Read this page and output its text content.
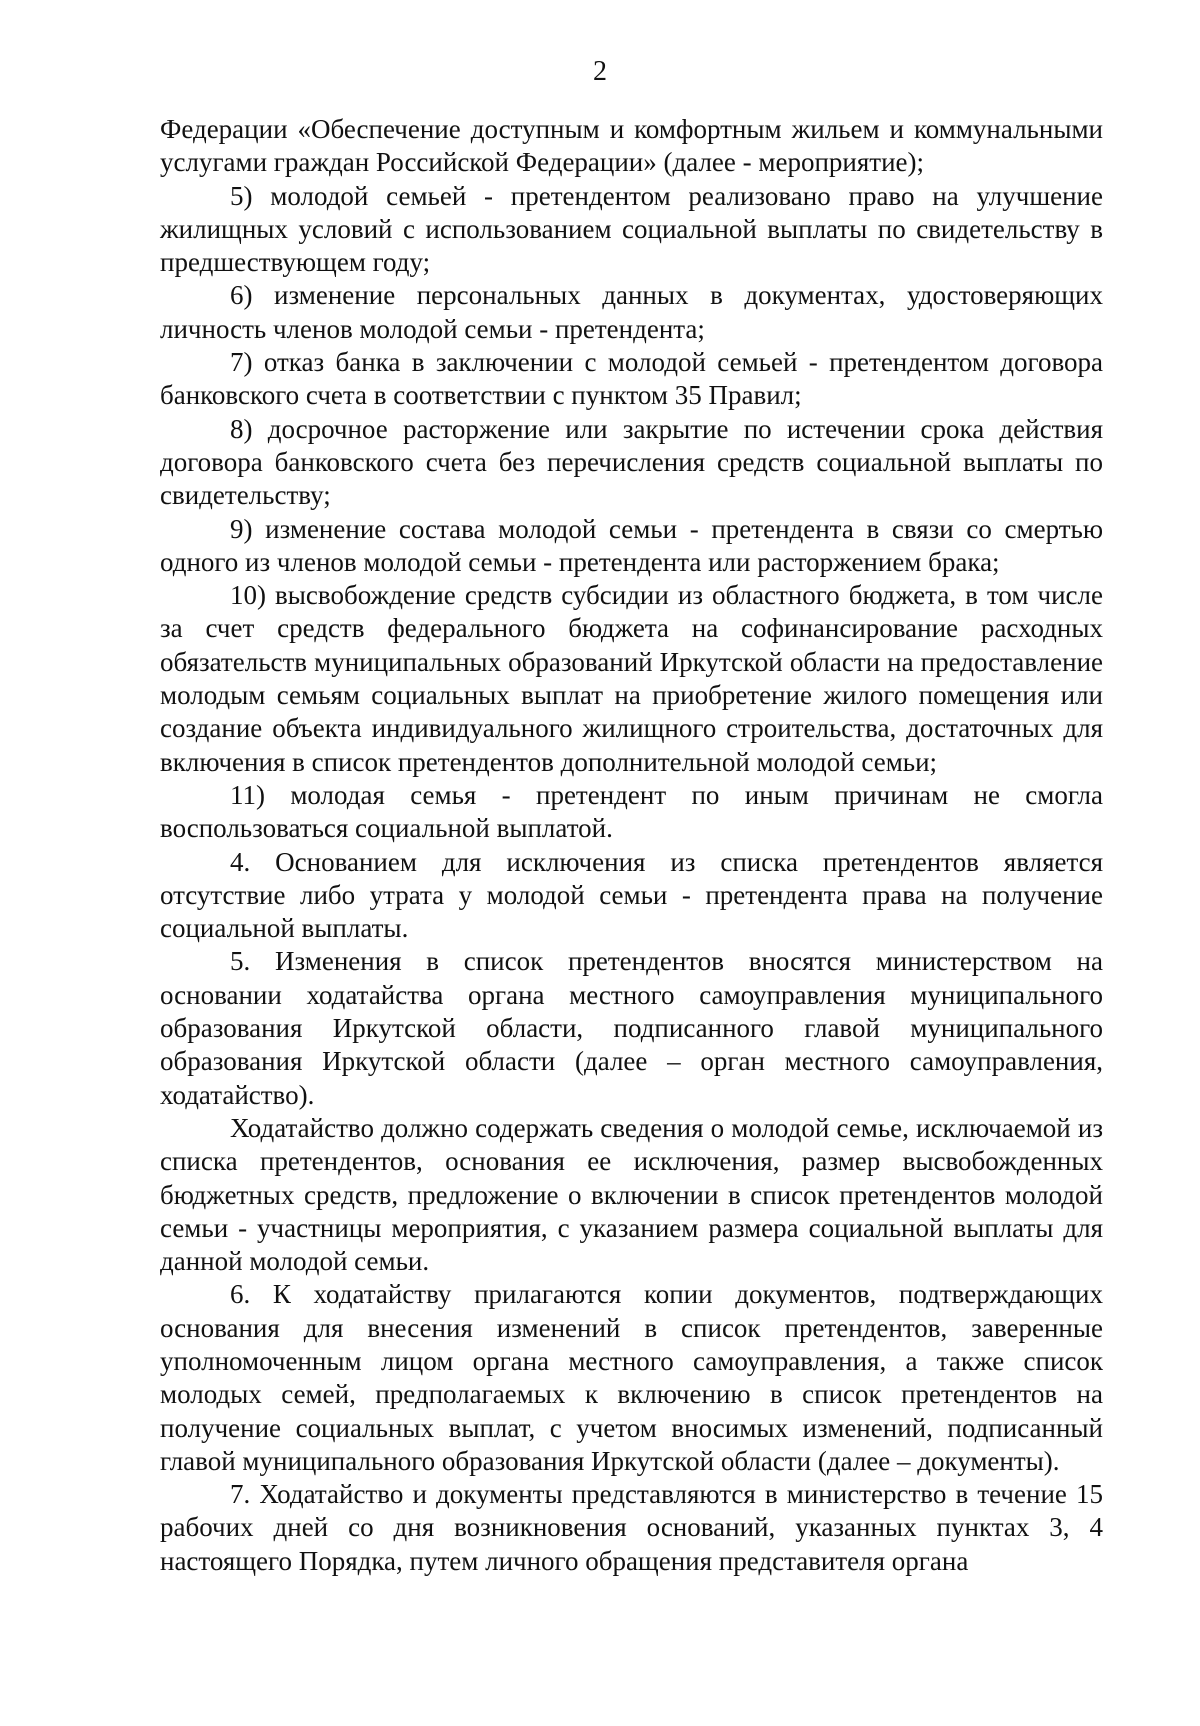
2

Федерации «Обеспечение доступным и комфортным жильем и коммунальными услугами граждан Российской Федерации» (далее - мероприятие);

5) молодой семьей - претендентом реализовано право на улучшение жилищных условий с использованием социальной выплаты по свидетельству в предшествующем году;

6) изменение персональных данных в документах, удостоверяющих личность членов молодой семьи - претендента;

7) отказ банка в заключении с молодой семьей - претендентом договора банковского счета в соответствии с пунктом 35 Правил;

8) досрочное расторжение или закрытие по истечении срока действия договора банковского счета без перечисления средств социальной выплаты по свидетельству;

9) изменение состава молодой семьи - претендента в связи со смертью одного из членов молодой семьи - претендента или расторжением брака;

10) высвобождение средств субсидии из областного бюджета, в том числе за счет средств федерального бюджета на софинансирование расходных обязательств муниципальных образований Иркутской области на предоставление молодым семьям социальных выплат на приобретение жилого помещения или создание объекта индивидуального жилищного строительства, достаточных для включения в список претендентов дополнительной молодой семьи;

11) молодая семья - претендент по иным причинам не смогла воспользоваться социальной выплатой.

4. Основанием для исключения из списка претендентов является отсутствие либо утрата у молодой семьи - претендента права на получение социальной выплаты.

5. Изменения в список претендентов вносятся министерством на основании ходатайства органа местного самоуправления муниципального образования Иркутской области, подписанного главой муниципального образования Иркутской области (далее – орган местного самоуправления, ходатайство).

Ходатайство должно содержать сведения о молодой семье, исключаемой из списка претендентов, основания ее исключения, размер высвобожденных бюджетных средств, предложение о включении в список претендентов молодой семьи - участницы мероприятия, с указанием размера социальной выплаты для данной молодой семьи.

6. К ходатайству прилагаются копии документов, подтверждающих основания для внесения изменений в список претендентов, заверенные уполномоченным лицом органа местного самоуправления, а также список молодых семей, предполагаемых к включению в список претендентов на получение социальных выплат, с учетом вносимых изменений, подписанный главой муниципального образования Иркутской области (далее – документы).

7. Ходатайство и документы представляются в министерство в течение 15 рабочих дней со дня возникновения оснований, указанных пунктах 3, 4 настоящего Порядка, путем личного обращения представителя органа
